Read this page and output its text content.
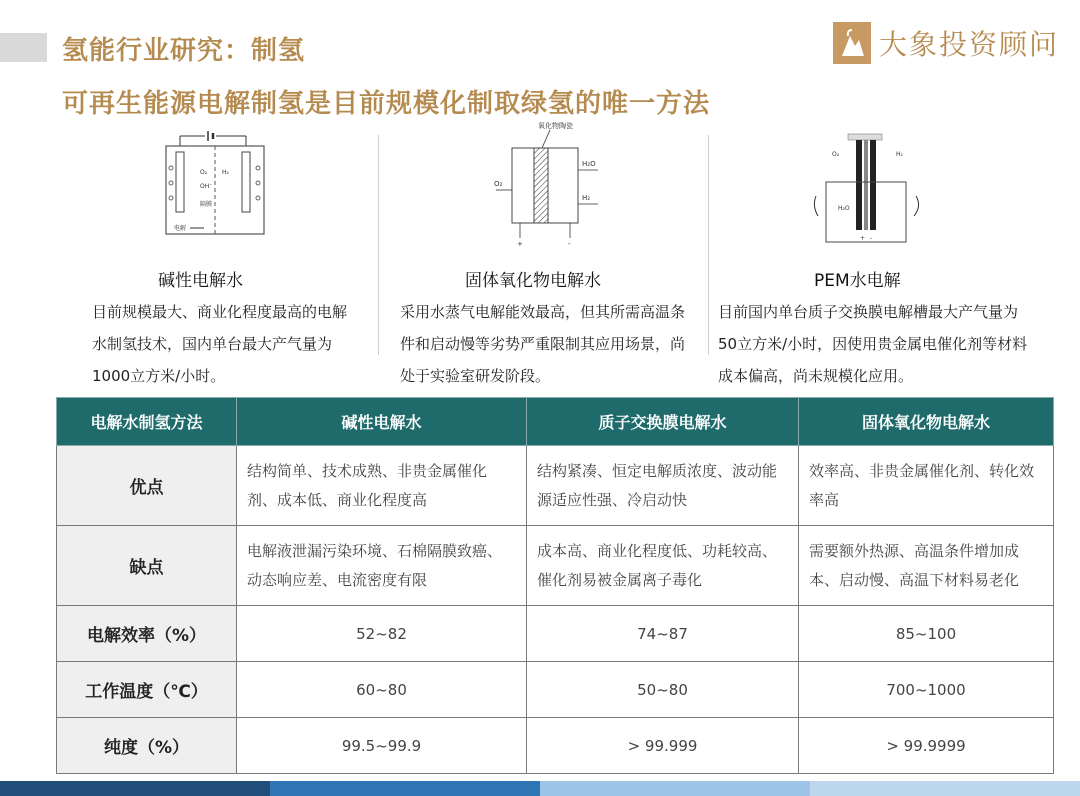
氢能行业研究：制氢
可再生能源电解制氢是目前规模化制取绿氢的唯一方法
大象投资顾问
O₂ H₂
OH⁻
隔膜
电解
氧化物陶瓷
O₂
H₂O
H₂
+	-
O₂	H₂
H₂O
+ -
碱性电解水	固体氧化物电解水	PEM水电解
目前规模最大、商业化程度最高的电解水制氢技术，国内单台最大产气量为1000立方米/小时。
采用水蒸气电解能效最高，但其所需高温条件和启动慢等劣势严重限制其应用场景，尚处于实验室研发阶段。
目前国内单台质子交换膜电解槽最大产气量为50立方米/小时，因使用贵金属电催化剂等材料成本偏高，尚未规模化应用。
电解水制氢方法	碱性电解水	质子交换膜电解水	固体氧化物电解水
优点	结构简单、技术成熟、非贵金属催化剂、成本低、商业化程度高	结构紧凑、恒定电解质浓度、波动能源适应性强、冷启动快	效率高、非贵金属催化剂、转化效率高
缺点	电解液泄漏污染环境、石棉隔膜致癌、动态响应差、电流密度有限	成本高、商业化程度低、功耗较高、催化剂易被金属离子毒化	需要额外热源、高温条件增加成本、启动慢、高温下材料易老化
电解效率（%）	52~82	74~87	85~100
工作温度（℃）	60~80	50~80	700~1000
纯度（%）	99.5~99.9	> 99.999	> 99.9999
